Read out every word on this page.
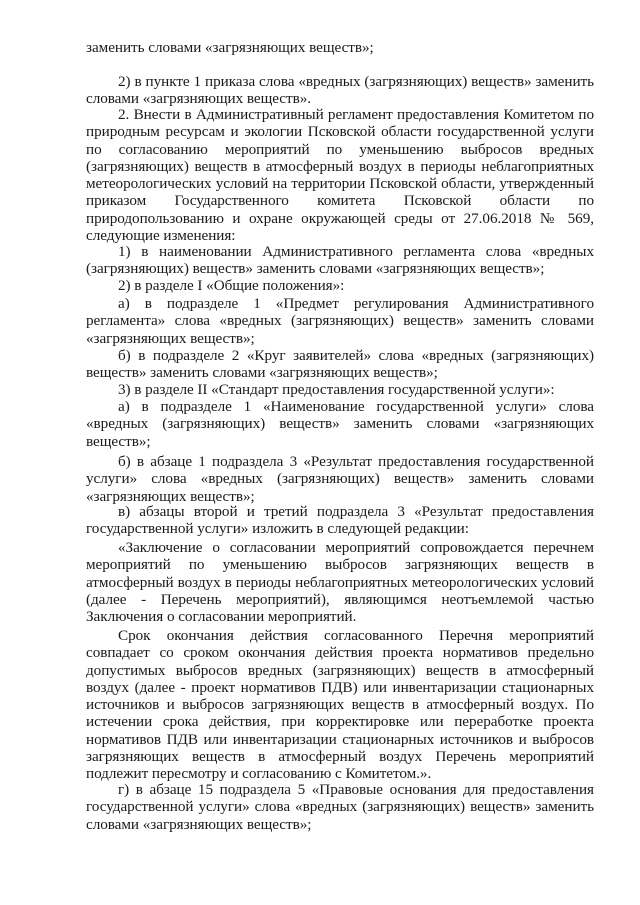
заменить словами «загрязняющих веществ»;

2) в пункте 1 приказа слова «вредных (загрязняющих) веществ» заменить словами «загрязняющих веществ».

2. Внести в Административный регламент предоставления Комитетом по природным ресурсам и экологии Псковской области государственной услуги по согласованию мероприятий по уменьшению выбросов вредных (загрязняющих) веществ в атмосферный воздух в периоды неблагоприятных метеорологических условий на территории Псковской области, утвержденный приказом Государственного комитета Псковской области по природопользованию и охране окружающей среды от 27.06.2018 № 569, следующие изменения:

1) в наименовании Административного регламента слова «вредных (загрязняющих) веществ» заменить словами «загрязняющих веществ»;

2) в разделе I «Общие положения»:

а) в подразделе 1 «Предмет регулирования Административного регламента» слова «вредных (загрязняющих) веществ» заменить словами «загрязняющих веществ»;

б) в подразделе 2 «Круг заявителей» слова «вредных (загрязняющих) веществ» заменить словами «загрязняющих веществ»;

3) в разделе II «Стандарт предоставления государственной услуги»:

а) в подразделе 1 «Наименование государственной услуги» слова «вредных (загрязняющих) веществ» заменить словами «загрязняющих веществ»;

б) в абзаце 1 подраздела 3 «Результат предоставления государственной услуги» слова «вредных (загрязняющих) веществ» заменить словами «загрязняющих веществ»;

в) абзацы второй и третий подраздела 3 «Результат предоставления государственной услуги» изложить в следующей редакции:

«Заключение о согласовании мероприятий сопровождается перечнем мероприятий по уменьшению выбросов загрязняющих веществ в атмосферный воздух в периоды неблагоприятных метеорологических условий (далее - Перечень мероприятий), являющимся неотъемлемой частью Заключения о согласовании мероприятий.

Срок окончания действия согласованного Перечня мероприятий совпадает со сроком окончания действия проекта нормативов предельно допустимых выбросов вредных (загрязняющих) веществ в атмосферный воздух (далее - проект нормативов ПДВ) или инвентаризации стационарных источников и выбросов загрязняющих веществ в атмосферный воздух. По истечении срока действия, при корректировке или переработке проекта нормативов ПДВ или инвентаризации стационарных источников и выбросов загрязняющих веществ в атмосферный воздух Перечень мероприятий подлежит пересмотру и согласованию с Комитетом.».

г) в абзаце 15 подраздела 5 «Правовые основания для предоставления государственной услуги» слова «вредных (загрязняющих) веществ» заменить словами «загрязняющих веществ»;
